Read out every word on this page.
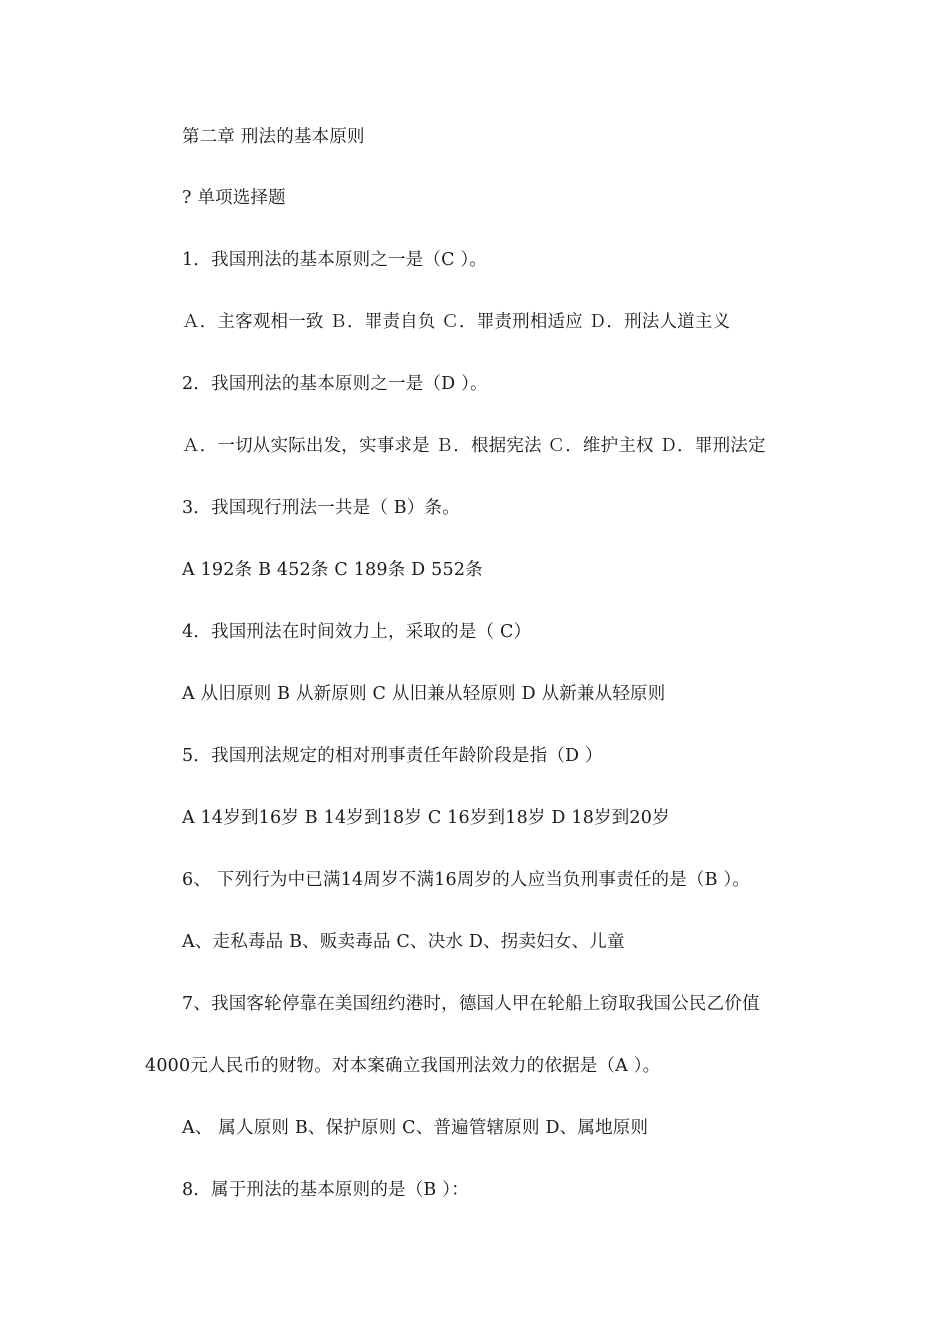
第二章 刑法的基本原则
? 单项选择题
1．我国刑法的基本原则之一是（C ）。
Ａ．主客观相一致 Ｂ．罪责自负 Ｃ．罪责刑相适应 Ｄ．刑法人道主义
2．我国刑法的基本原则之一是（D ）。
Ａ．一切从实际出发，实事求是 Ｂ．根据宪法 Ｃ．维护主权 Ｄ．罪刑法定
3．我国现行刑法一共是（ B）条。
A 192条 B 452条 C 189条 D 552条
4．我国刑法在时间效力上，采取的是（ C）
A 从旧原则 B 从新原则 C 从旧兼从轻原则 D 从新兼从轻原则
5．我国刑法规定的相对刑事责任年龄阶段是指（D ）
A 14岁到16岁 B 14岁到18岁 C 16岁到18岁 D 18岁到20岁
6、 下列行为中已满14周岁不满16周岁的人应当负刑事责任的是（B ）。
A、走私毒品 B、贩卖毒品 C、决水 D、拐卖妇女、儿童
7、我国客轮停靠在美国纽约港时，德国人甲在轮船上窃取我国公民乙价值
4000元人民币的财物。对本案确立我国刑法效力的依据是（A ）。
A、 属人原则 B、保护原则 C、普遍管辖原则 D、属地原则
8．属于刑法的基本原则的是（B ）：
